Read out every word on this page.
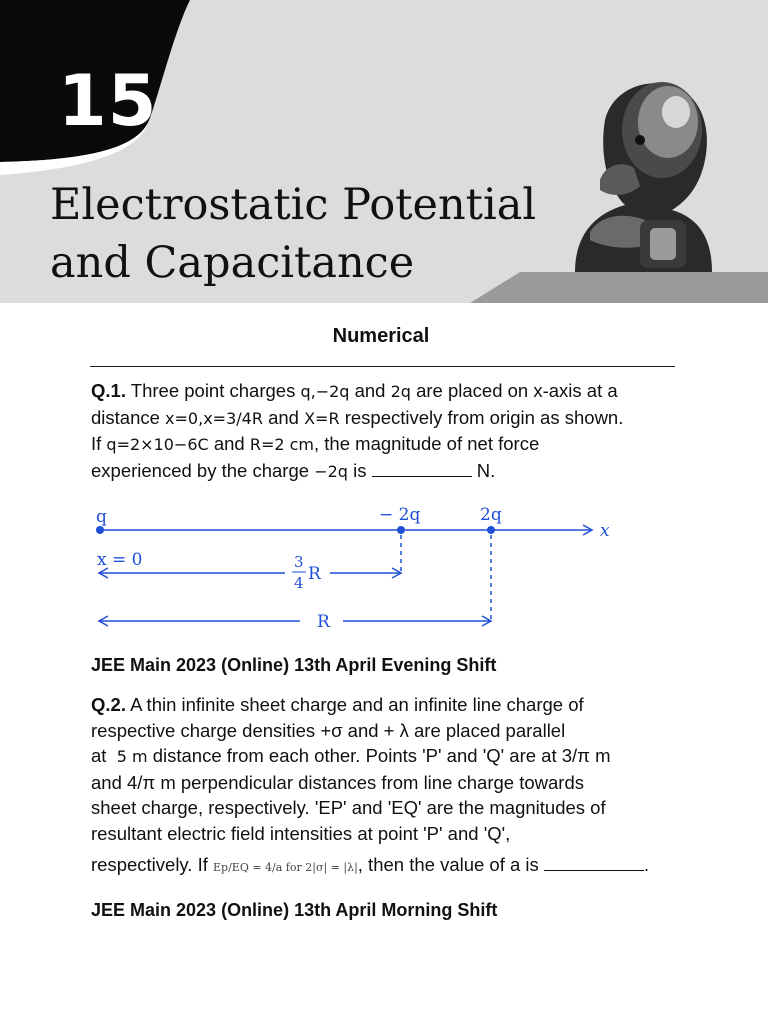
15
Electrostatic Potential
and Capacitance
Numerical
Q.1. Three point charges q,−2q and 2q are placed on x-axis at a
distance x=0,x=3/4R and X=R respectively from origin as shown.
If q=2×10−6C and R=2 cm, the magnitude of net force
experienced by the charge −2q is	N.
q	− 2q	2q
x
x = 0	3
4 R
R

JEE Main 2023 (Online) 13th April Evening Shift

Q.2. A thin infinite sheet charge and an infinite line charge of
respective charge densities +σ and + λ are placed parallel
at 5 m distance from each other. Points 'P' and 'Q' are at 3/π m
and 4/π m perpendicular distances from line charge towards
sheet charge, respectively. 'EP' and 'EQ' are the magnitudes of
resultant electric field intensities at point 'P' and 'Q',
respectively. If Ep/EQ = 4/a for 2|σ| = |λ|, then the value of a is	.

JEE Main 2023 (Online) 13th April Morning Shift
